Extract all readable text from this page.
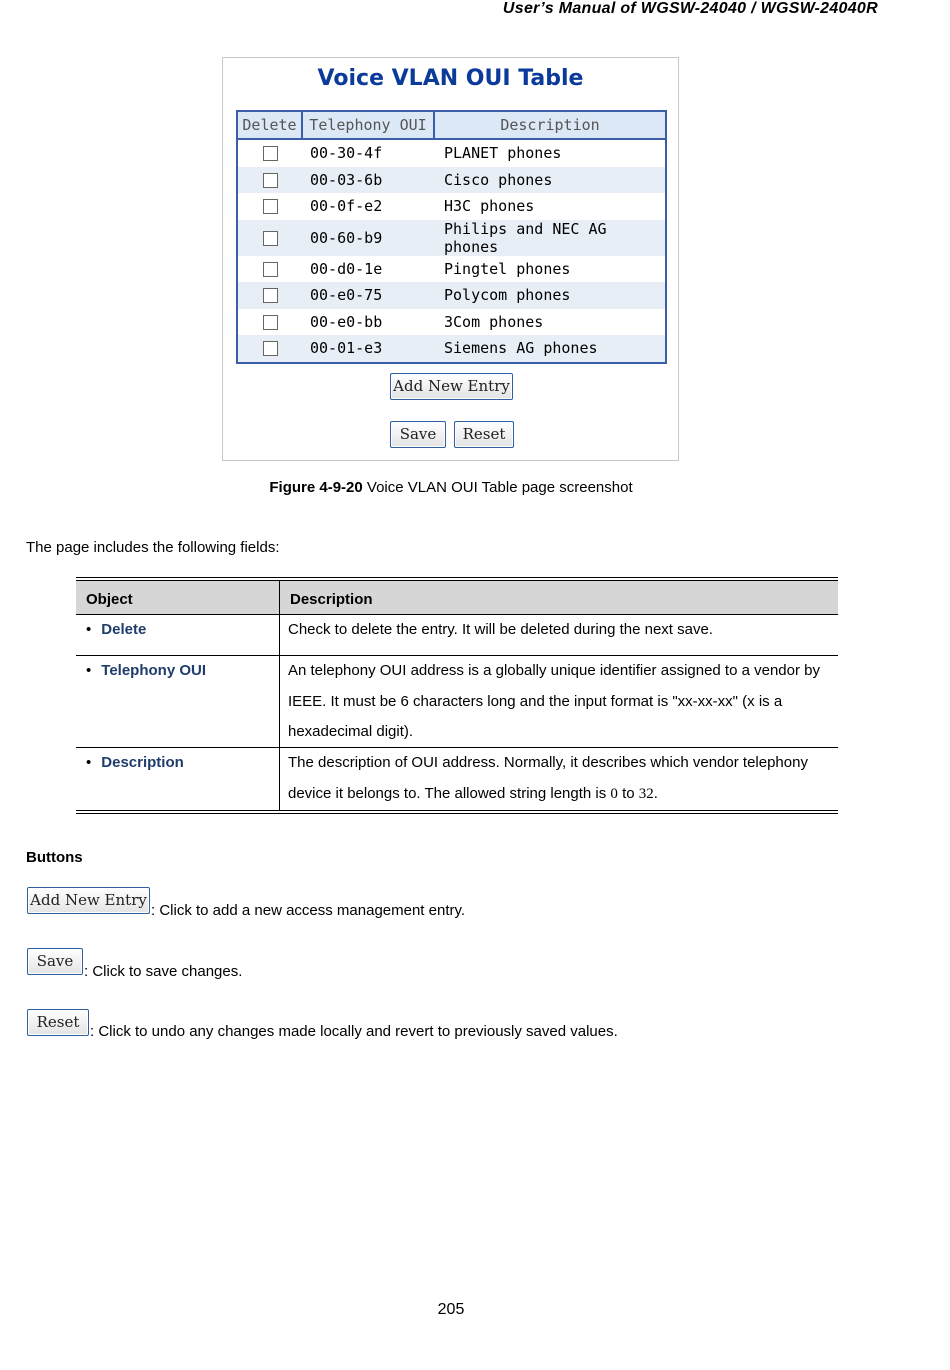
User’s Manual of WGSW-24040 / WGSW-24040R
Voice VLAN OUI Table
Delete	Telephony OUI	Description
	00-30-4f	PLANET phones
	00-03-6b	Cisco phones
	00-0f-e2	H3C phones
	00-60-b9	Philips and NEC AG phones
	00-d0-1e	Pingtel phones
	00-e0-75	Polycom phones
	00-e0-bb	3Com phones
	00-01-e3	Siemens AG phones
Add New Entry
Save	Reset
Figure 4-9-20 Voice VLAN OUI Table page screenshot
The page includes the following fields:
Object	Description
• Delete	Check to delete the entry. It will be deleted during the next save.

• Telephony OUI	An telephony OUI address is a globally unique identifier assigned to a vendor by IEEE. It must be 6 characters long and the input format is "xx-xx-xx" (x is a hexadecimal digit).

• Description	The description of OUI address. Normally, it describes which vendor telephony device it belongs to. The allowed string length is 0 to 32.

Buttons
Add New Entry
: Click to add a new access management entry.
Save
: Click to save changes.
Reset
: Click to undo any changes made locally and revert to previously saved values.
205
